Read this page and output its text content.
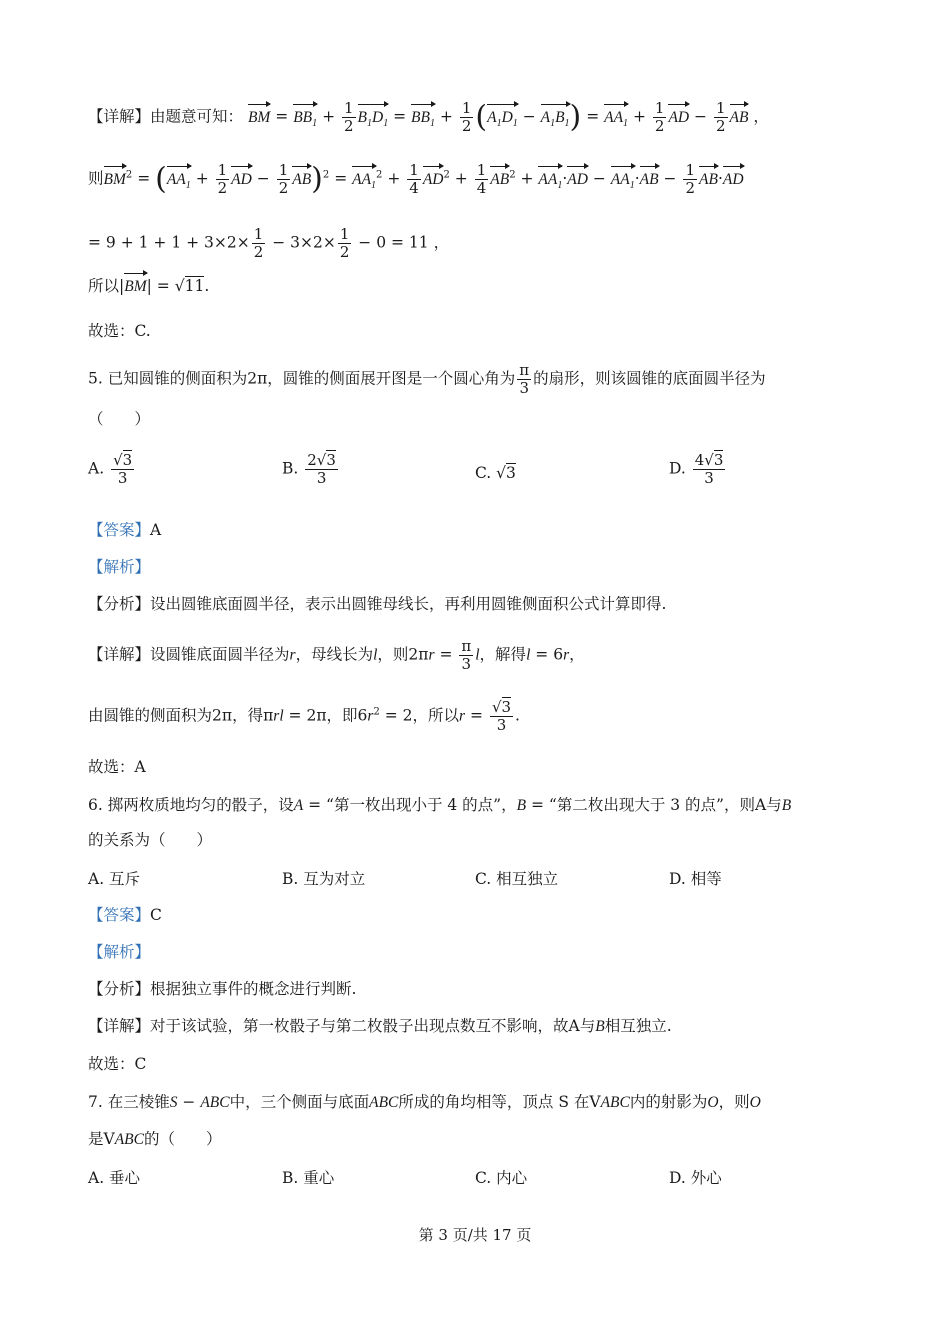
【详解】由题意可知： BM = $BB_1 + \frac{1}{2} B_1D_1 = BB_1 + \frac{1}{2} (A_1D_1 - A_1B_1) = AA_1 + \frac{1}{2}$ AD − $\frac{1}{2}$ AB ，
则$BM^2 = (AA_1 + \frac{1}{2}$ AD − $\frac{1}{2} AB)^2 = AA_1^2 + \frac{1}{4} AD^2 + \frac{1}{4} AB^2 + AA_1\cdot AD - AA_1\cdot AB - \frac{1}{2} AB\cdot AD$
= $9 + 1 + 1 + 3\times 2\times \frac{1}{2} - 3\times 2\times \frac{1}{2} - 0 = 11$ ，
所以|BM| = √11.
故选：C.
5. 已知圆锥的侧面积为2π，圆锥的侧面展开图是一个圆心角为 $\frac{\pi}{3}$ 的扇形，则该圆锥的底面圆半径为
（　　）
A. $\frac{√3}{3}$	B. $\frac{2√3}{3}$	C. √3	D. $\frac{4√3}{3}$
【答案】A
【解析】
【分析】设出圆锥底面圆半径，表示出圆锥母线长，再利用圆锥侧面积公式计算即得.
【详解】设圆锥底面圆半径为r，母线长为l，则$2\pi r = \frac{\pi}{3}$ l，解得l = 6r，
由圆锥的侧面积为2π，得πrl = 2π，即$6r^2 = 2$，所以$r = \frac{√3}{3}$ .
故选：A
6. 掷两枚质地均匀的骰子，设A = “第一枚出现小于 4 的点”，B = “第二枚出现大于 3 的点”，则A与B
的关系为（　　）
A. 互斥	B. 互为对立	C. 相互独立	D. 相等
【答案】C
【解析】
【分析】根据独立事件的概念进行判断.
【详解】对于该试验，第一枚骰子与第二枚骰子出现点数互不影响，故A与B相互独立.
故选：C
7. 在三棱锥S − ABC中，三个侧面与底面ABC所成的角均相等，顶点 S 在VABC内的射影为O，则O
是VABC的（　　）
A. 垂心	B. 重心	C. 内心	D. 外心
第 3 页/共 17 页
